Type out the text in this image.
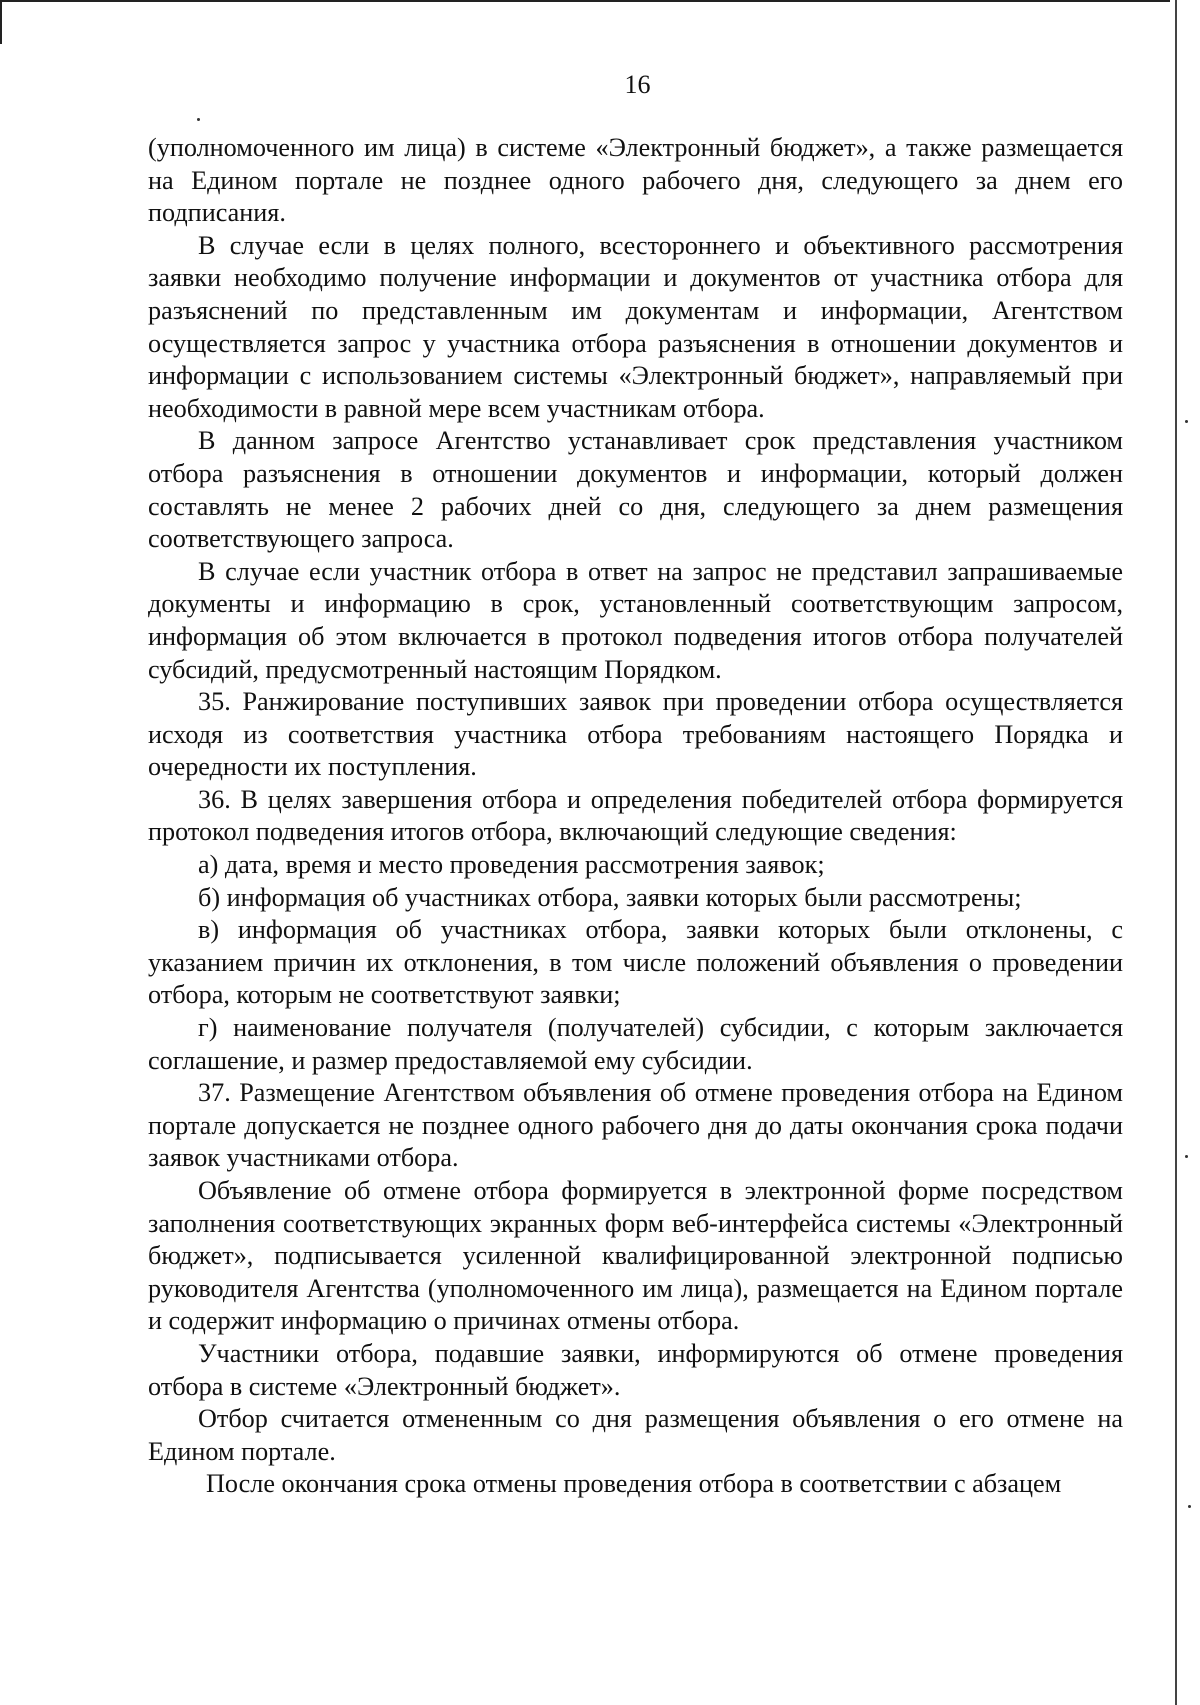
16

(уполномоченного им лица) в системе «Электронный бюджет», а также размещается на Едином портале не позднее одного рабочего дня, следующего за днем его подписания.

В случае если в целях полного, всестороннего и объективного рассмотрения заявки необходимо получение информации и документов от участника отбора для разъяснений по представленным им документам и информации, Агентством осуществляется запрос у участника отбора разъяснения в отношении документов и информации с использованием системы «Электронный бюджет», направляемый при необходимости в равной мере всем участникам отбора.

В данном запросе Агентство устанавливает срок представления участником отбора разъяснения в отношении документов и информации, который должен составлять не менее 2 рабочих дней со дня, следующего за днем размещения соответствующего запроса.

В случае если участник отбора в ответ на запрос не представил запрашиваемые документы и информацию в срок, установленный соответствующим запросом, информация об этом включается в протокол подведения итогов отбора получателей субсидий, предусмотренный настоящим Порядком.

35. Ранжирование поступивших заявок при проведении отбора осуществляется исходя из соответствия участника отбора требованиям настоящего Порядка и очередности их поступления.

36. В целях завершения отбора и определения победителей отбора формируется протокол подведения итогов отбора, включающий следующие сведения:

а) дата, время и место проведения рассмотрения заявок;

б) информация об участниках отбора, заявки которых были рассмотрены;

в) информация об участниках отбора, заявки которых были отклонены, с указанием причин их отклонения, в том числе положений объявления о проведении отбора, которым не соответствуют заявки;

г) наименование получателя (получателей) субсидии, с которым заключается соглашение, и размер предоставляемой ему субсидии.

37. Размещение Агентством объявления об отмене проведения отбора на Едином портале допускается не позднее одного рабочего дня до даты окончания срока подачи заявок участниками отбора.

Объявление об отмене отбора формируется в электронной форме посредством заполнения соответствующих экранных форм веб-интерфейса системы «Электронный бюджет», подписывается усиленной квалифицированной электронной подписью руководителя Агентства (уполномоченного им лица), размещается на Едином портале и содержит информацию о причинах отмены отбора.

Участники отбора, подавшие заявки, информируются об отмене проведения отбора в системе «Электронный бюджет».

Отбор считается отмененным со дня размещения объявления о его отмене на Едином портале.

После окончания срока отмены проведения отбора в соответствии с абзацем
